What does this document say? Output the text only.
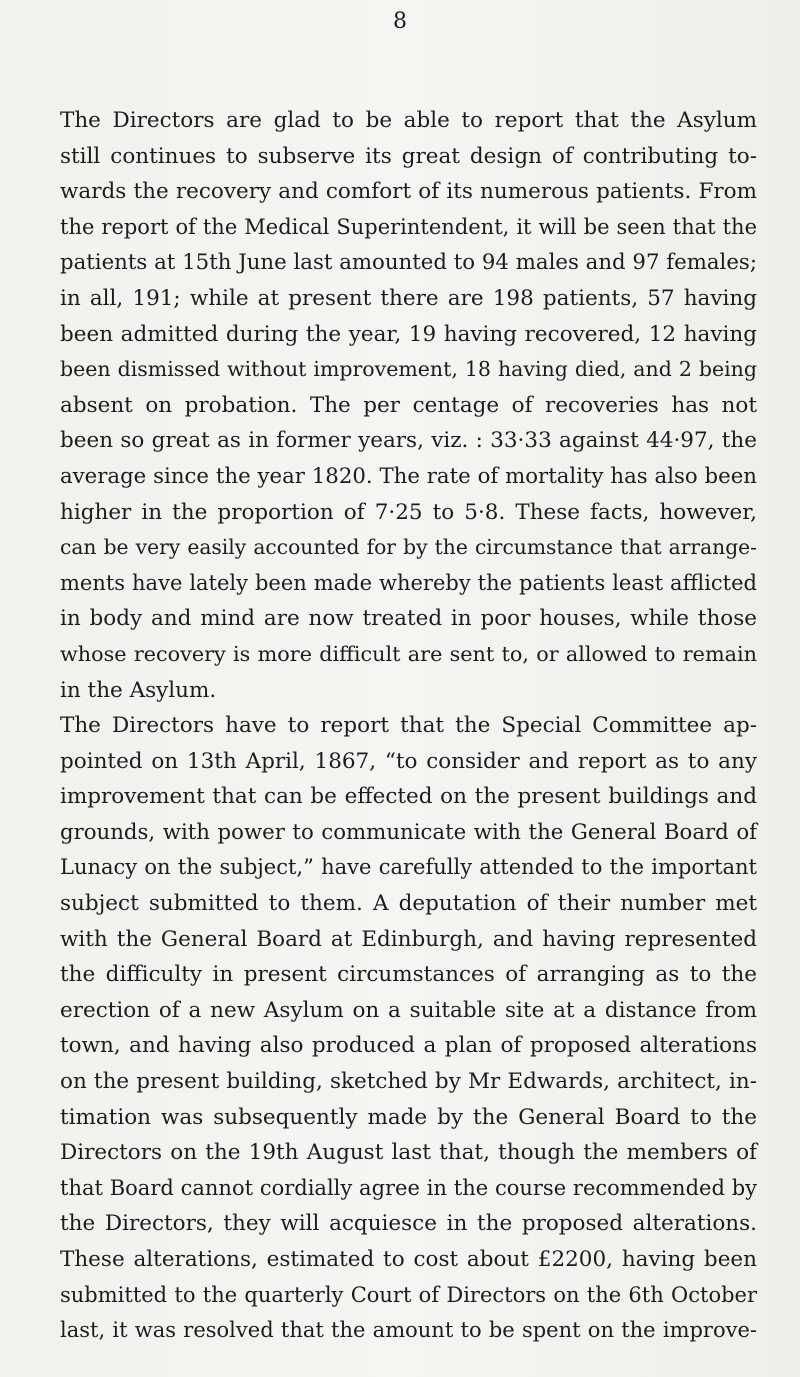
8
The Directors are glad to be able to report that the Asylum
still continues to subserve its great design of contributing to-
wards the recovery and comfort of its numerous patients. From
the report of the Medical Superintendent, it will be seen that the
patients at 15th June last amounted to 94 males and 97 females;
in all, 191; while at present there are 198 patients, 57 having
been admitted during the year, 19 having recovered, 12 having
been dismissed without improvement, 18 having died, and 2 being
absent on probation. The per centage of recoveries has not
been so great as in former years, viz. : 33·33 against 44·97, the
average since the year 1820. The rate of mortality has also been
higher in the proportion of 7·25 to 5·8. These facts, however,
can be very easily accounted for by the circumstance that arrange-
ments have lately been made whereby the patients least afflicted
in body and mind are now treated in poor houses, while those
whose recovery is more difficult are sent to, or allowed to remain
in the Asylum.
The Directors have to report that the Special Committee ap-
pointed on 13th April, 1867, “to consider and report as to any
improvement that can be effected on the present buildings and
grounds, with power to communicate with the General Board of
Lunacy on the subject,” have carefully attended to the important
subject submitted to them. A deputation of their number met
with the General Board at Edinburgh, and having represented
the difficulty in present circumstances of arranging as to the
erection of a new Asylum on a suitable site at a distance from
town, and having also produced a plan of proposed alterations
on the present building, sketched by Mr Edwards, architect, in-
timation was subsequently made by the General Board to the
Directors on the 19th August last that, though the members of
that Board cannot cordially agree in the course recommended by
the Directors, they will acquiesce in the proposed alterations.
These alterations, estimated to cost about £2200, having been
submitted to the quarterly Court of Directors on the 6th October
last, it was resolved that the amount to be spent on the improve-
